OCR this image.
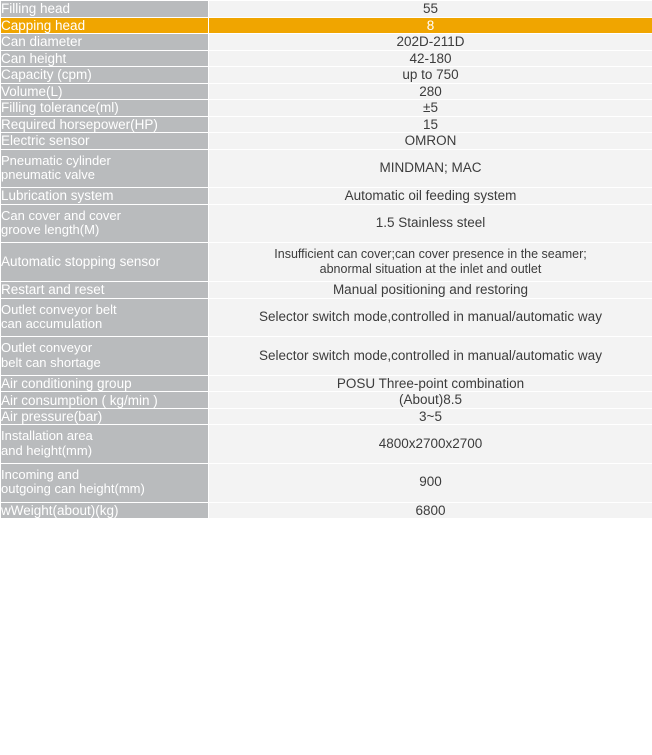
Filling head	55
Capping head	8
Can diameter	202D-211D
Can height	42-180
Capacity (cpm)	up to 750
Volume(L)	280
Filling tolerance(ml)	±5
Required horsepower(HP)	15
Electric sensor	OMRON
Pneumatic cylinder
pneumatic valve	MINDMAN; MAC
Lubrication system	Automatic oil feeding system
Can cover and cover
groove length(M)	1.5 Stainless steel
Automatic stopping sensor	Insufficient can cover;can cover presence in the seamer;
abnormal situation at the inlet and outlet
Restart and reset	Manual positioning and restoring
Outlet conveyor belt
can accumulation	Selector switch mode,controlled in manual/automatic way
Outlet conveyor
belt can shortage	Selector switch mode,controlled in manual/automatic way
Air conditioning group	POSU Three-point combination
Air consumption ( kg/min )	(About)8.5
Air pressure(bar)	3~5
Installation area
and height(mm)	4800x2700x2700
Incoming and
outgoing can height(mm)	900
wWeight(about)(kg)	6800
